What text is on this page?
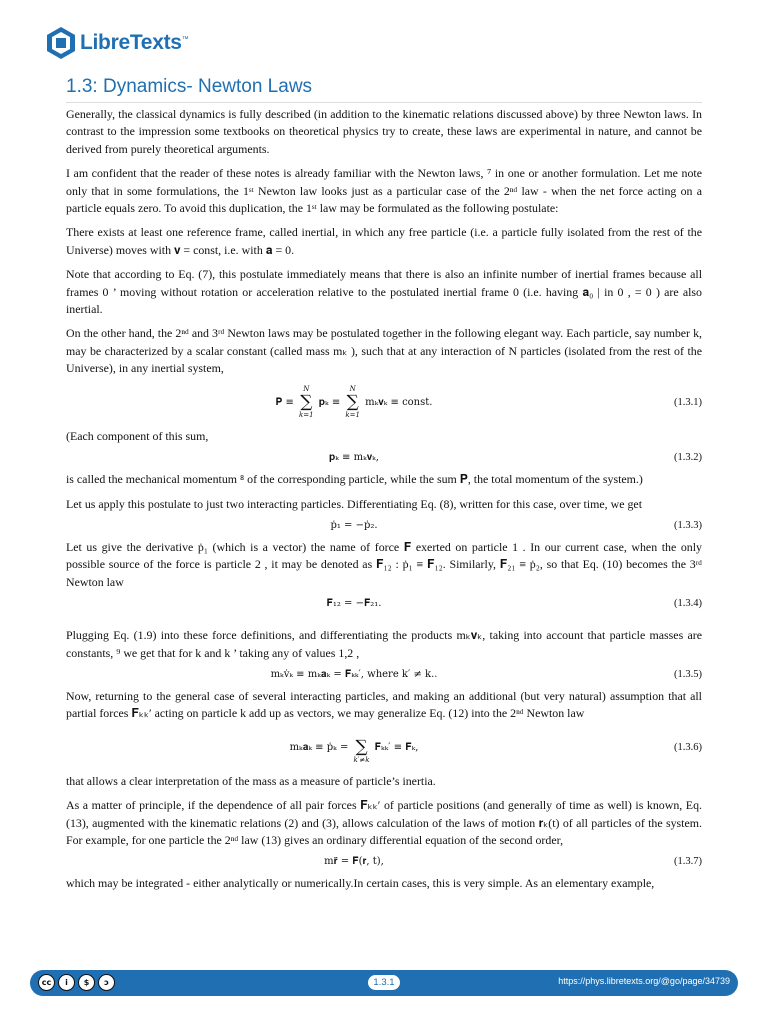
LibreTexts™
1.3: Dynamics- Newton Laws

Generally, the classical dynamics is fully described (in addition to the kinematic relations discussed above) by three Newton laws. In contrast to the impression some textbooks on theoretical physics try to create, these laws are experimental in nature, and cannot be derived from purely theoretical arguments.

I am confident that the reader of these notes is already familiar with the Newton laws, ⁷ in one or another formulation. Let me note only that in some formulations, the 1ˢᵗ Newton law looks just as a particular case of the 2ⁿᵈ law - when the net force acting on a particle equals zero. To avoid this duplication, the 1ˢᵗ law may be formulated as the following postulate:

There exists at least one reference frame, called inertial, in which any free particle (i.e. a particle fully isolated from the rest of the Universe) moves with 𝐯 = const, i.e. with 𝐚 = 0.

Note that according to Eq. (7), this postulate immediately means that there is also an infinite number of inertial frames because all frames 0 ’ moving without rotation or acceleration relative to the postulated inertial frame 0 (i.e. having 𝐚₀ | in 0 , = 0 ) are also inertial.

On the other hand, the 2ⁿᵈ and 3ʳᵈ Newton laws may be postulated together in the following elegant way. Each particle, say number k, may be characterized by a scalar constant (called mass mₖ ), such that at any interaction of N particles (isolated from the rest of the Universe), in any inertial system,

𝐏 ≡
N
∑
k=1
𝐩ₖ ≡
N
∑
k=1
mₖ𝐯ₖ ≡ const.	(1.3.1)

(Each component of this sum,

𝐩ₖ ≡ mₖ𝐯ₖ,	(1.3.2)

is called the mechanical momentum ⁸ of the corresponding particle, while the sum 𝐏, the total momentum of the system.)

Let us apply this postulate to just two interacting particles. Differentiating Eq. (8), written for this case, over time, we get

ṗ₁ = −ṗ₂.	(1.3.3)

Let us give the derivative ṗ₁ (which is a vector) the name of force 𝐅 exerted on particle 1 . In our current case, when the only possible source of the force is particle 2 , it may be denoted as 𝐅₁₂ : ṗ₁ ≡ 𝐅₁₂. Similarly, 𝐅₂₁ ≡ ṗ₂, so that Eq. (10) becomes the 3ʳᵈ Newton law

𝐅₁₂ = −𝐅₂₁.	(1.3.4)

Plugging Eq. (1.9) into these force definitions, and differentiating the products mₖ𝐯ₖ, taking into account that particle masses are constants, ⁹ we get that for k and k ’ taking any of values 1,2 ,

mₖv̇ₖ ≡ mₖ𝐚ₖ = 𝐅ₖₖ′, where k′ ≠ k..	(1.3.5)

Now, returning to the general case of several interacting particles, and making an additional (but very natural) assumption that all partial forces 𝐅ₖₖ′ acting on particle k add up as vectors, we may generalize Eq. (12) into the 2ⁿᵈ Newton law

mₖ𝐚ₖ ≡ ṗₖ =
∑
k′≠k
𝐅ₖₖ′ ≡ 𝐅ₖ,	(1.3.6)

that allows a clear interpretation of the mass as a measure of particle’s inertia.

As a matter of principle, if the dependence of all pair forces 𝐅ₖₖ′ of particle positions (and generally of time as well) is known, Eq. (13), augmented with the kinematic relations (2) and (3), allows calculation of the laws of motion 𝐫ₖ(t) of all particles of the system. For example, for one particle the 2ⁿᵈ law (13) gives an ordinary differential equation of the second order,

m𝐫̈ = 𝐅(𝐫, t),	(1.3.7)

which may be integrated - either analytically or numerically.In certain cases, this is very simple. As an elementary example,

cc	i	$	ↄ	1.3.1	https://phys.libretexts.org/@go/page/34739
